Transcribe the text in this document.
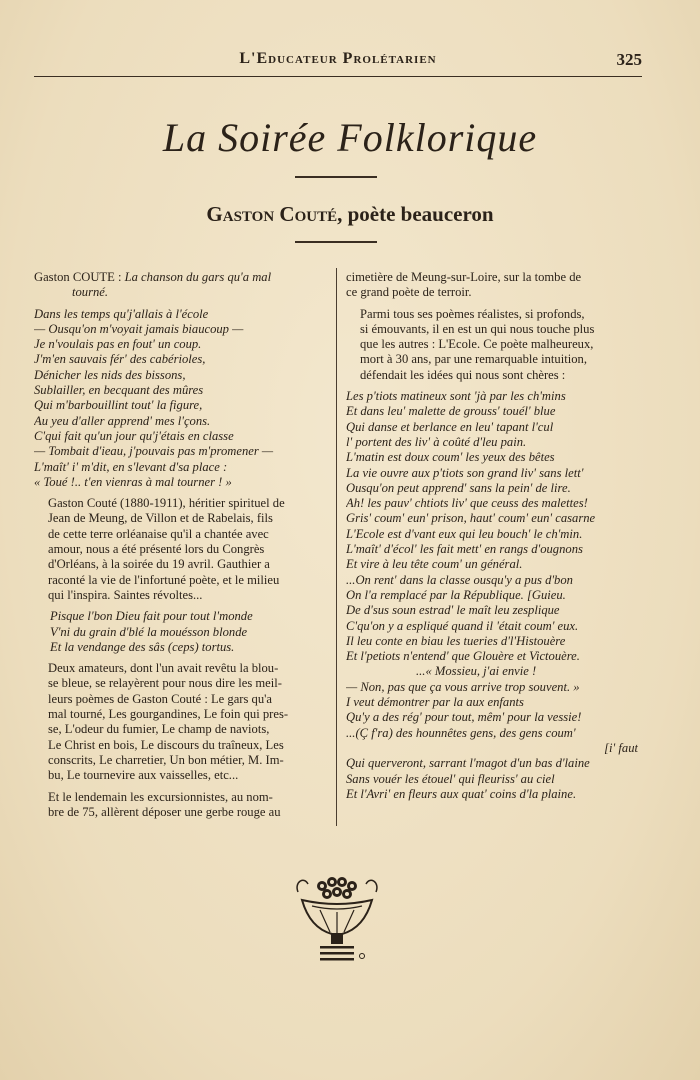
L'Educateur Prolétarien	325
La Soirée Folklorique
Gaston Couté, poète beauceron

Gaston COUTE : La chanson du gars qu'a mal
tourné.

Dans les temps qu'j'allais à l'école
— Ousqu'on m'voyait jamais biaucoup —
Je n'voulais pas en fout' un coup.
J'm'en sauvais fér' des cabérioles,
Dénicher les nids des bissons,
Sublailler, en becquant des mûres
Qui m'barbouillint tout' la figure,
Au yeu d'aller apprend' mes l'çons.
C'qui fait qu'un jour qu'j'étais en classe
— Tombait d'ieau, j'pouvais pas m'promener —
L'maît' i' m'dit, en s'levant d'sa place :
« Toué !.. t'en vienras à mal tourner ! »

Gaston Couté (1880-1911), héritier spirituel de
Jean de Meung, de Villon et de Rabelais, fils
de cette terre orléanaise qu'il a chantée avec
amour, nous a été présenté lors du Congrès
d'Orléans, à la soirée du 19 avril. Gauthier a
raconté la vie de l'infortuné poète, et le milieu
qui l'inspira. Saintes révoltes...

Pisque l'bon Dieu fait pour tout l'monde
V'ni du grain d'blé la mouésson blonde
Et la vendange des sâs (ceps) tortus.

Deux amateurs, dont l'un avait revêtu la blou-
se bleue, se relayèrent pour nous dire les meil-
leurs poèmes de Gaston Couté : Le gars qu'a
mal tourné, Les gourgandines, Le foin qui pres-
se, L'odeur du fumier, Le champ de naviots,
Le Christ en bois, Le discours du traîneux, Les
conscrits, Le charretier, Un bon métier, M. Im-
bu, Le tournevire aux vaisselles, etc...

Et le lendemain les excursionnistes, au nom-
bre de 75, allèrent déposer une gerbe rouge au

cimetière de Meung-sur-Loire, sur la tombe de
ce grand poète de terroir.

Parmi tous ses poèmes réalistes, si profonds,
si émouvants, il en est un qui nous touche plus
que les autres : L'Ecole. Ce poète malheureux,
mort à 30 ans, par une remarquable intuition,
défendait les idées qui nous sont chères :

Les p'tiots matineux sont 'jà par les ch'mins
Et dans leu' malette de grouss' touél' blue
Qui danse et berlance en leu' tapant l'cul
l' portent des liv' à coûté d'leu pain.
L'matin est doux coum' les yeux des bêtes
La vie ouvre aux p'tiots son grand liv' sans lett'
Ousqu'on peut apprend' sans la pein' de lire.
Ah! les pauv' chtiots liv' que ceuss des malettes!
Gris' coum' eun' prison, haut' coum' eun' casarne
L'Ecole est d'vant eux qui leu bouch' le ch'min.
L'maît' d'écol' les fait mett' en rangs d'ougnons
Et vire à leu tête coum' un général.
...On rent' dans la classe ousqu'y a pus d'bon
On l'a remplacé par la République. [Guieu.
De d'sus soun estrad' le maît leu zesplique
C'qu'on y a espliqué quand il 'était coum' eux.
Il leu conte en biau les tueries d'l'Histouère
Et l'petiots n'entend' que Glouère et Victouère.
...« Mossieu, j'ai envie !
— Non, pas que ça vous arrive trop souvent. »
I veut démontrer par la aux enfants
Qu'y a des rég' pour tout, mêm' pour la vessie!
...(Ç f'ra) des hounnêtes gens, des gens coum'
[i' faut
Qui querveront, sarrant l'magot d'un bas d'laine
Sans vouér les étouel' qui fleuriss' au ciel
Et l'Avri' en fleurs aux quat' coins d'la plaine.
